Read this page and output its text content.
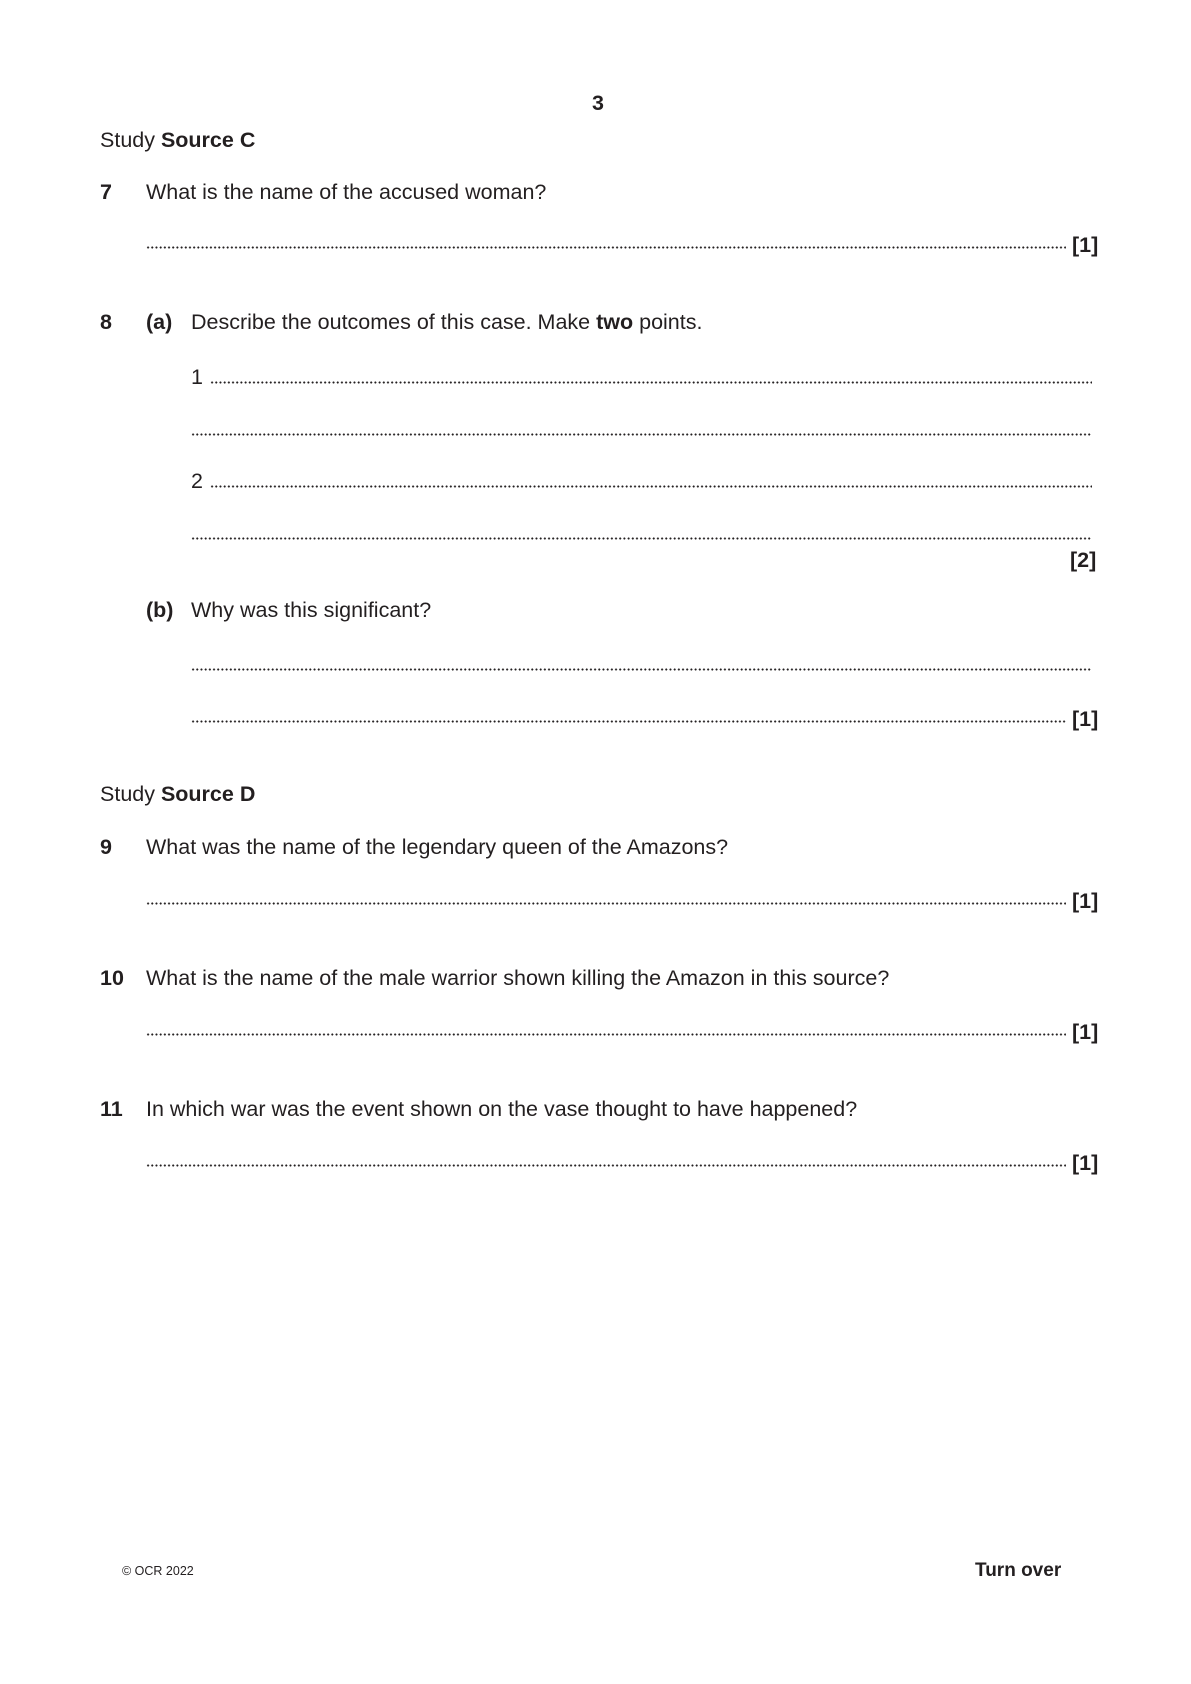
3
Study Source C
7 What is the name of the accused woman?
[1]
8 (a) Describe the outcomes of this case. Make two points.
1
2
[2]
(b) Why was this significant?
[1]
Study Source D
9 What was the name of the legendary queen of the Amazons?
[1]
10 What is the name of the male warrior shown killing the Amazon in this source?
[1]
11 In which war was the event shown on the vase thought to have happened?
[1]
© OCR 2022	Turn over
